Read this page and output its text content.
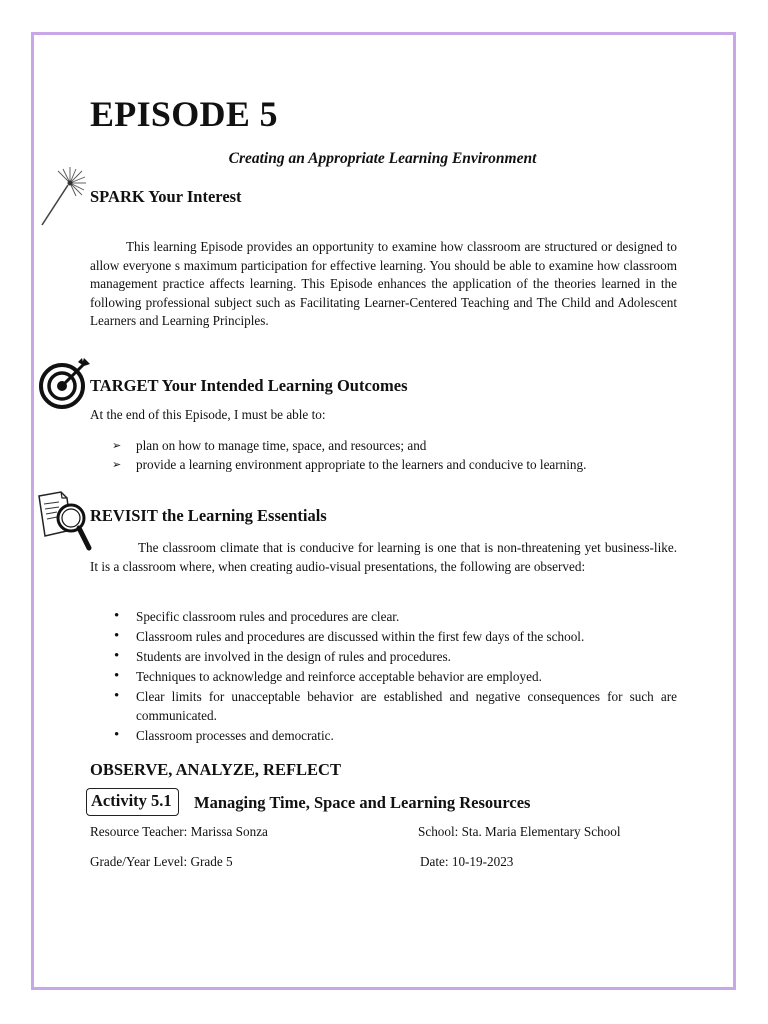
EPISODE 5
Creating an Appropriate Learning Environment
SPARK Your Interest
This learning Episode provides an opportunity to examine how classroom are structured or designed to allow everyone s maximum participation for effective learning. You should be able to examine how classroom management practice affects learning. This Episode enhances the application of the theories learned in the following professional subject such as Facilitating Learner-Centered Teaching and The Child and Adolescent Learners and Learning Principles.
TARGET Your Intended Learning Outcomes
At the end of this Episode, I must be able to:
➢ plan on how to manage time, space, and resources; and
➢ provide a learning environment appropriate to the learners and conducive to learning.
REVISIT the Learning Essentials
The classroom climate that is conducive for learning is one that is non-threatening yet business-like. It is a classroom where, when creating audio-visual presentations, the following are observed:
• Specific classroom rules and procedures are clear.
• Classroom rules and procedures are discussed within the first few days of the school.
• Students are involved in the design of rules and procedures.
• Techniques to acknowledge and reinforce acceptable behavior are employed.
• Clear limits for unacceptable behavior are established and negative consequences for such are communicated.
• Classroom processes and democratic.
OBSERVE, ANALYZE, REFLECT
Activity 5.1	Managing Time, Space and Learning Resources
Resource Teacher: Marissa Sonza	School: Sta. Maria Elementary School
Grade/Year Level: Grade 5	Date: 10-19-2023
